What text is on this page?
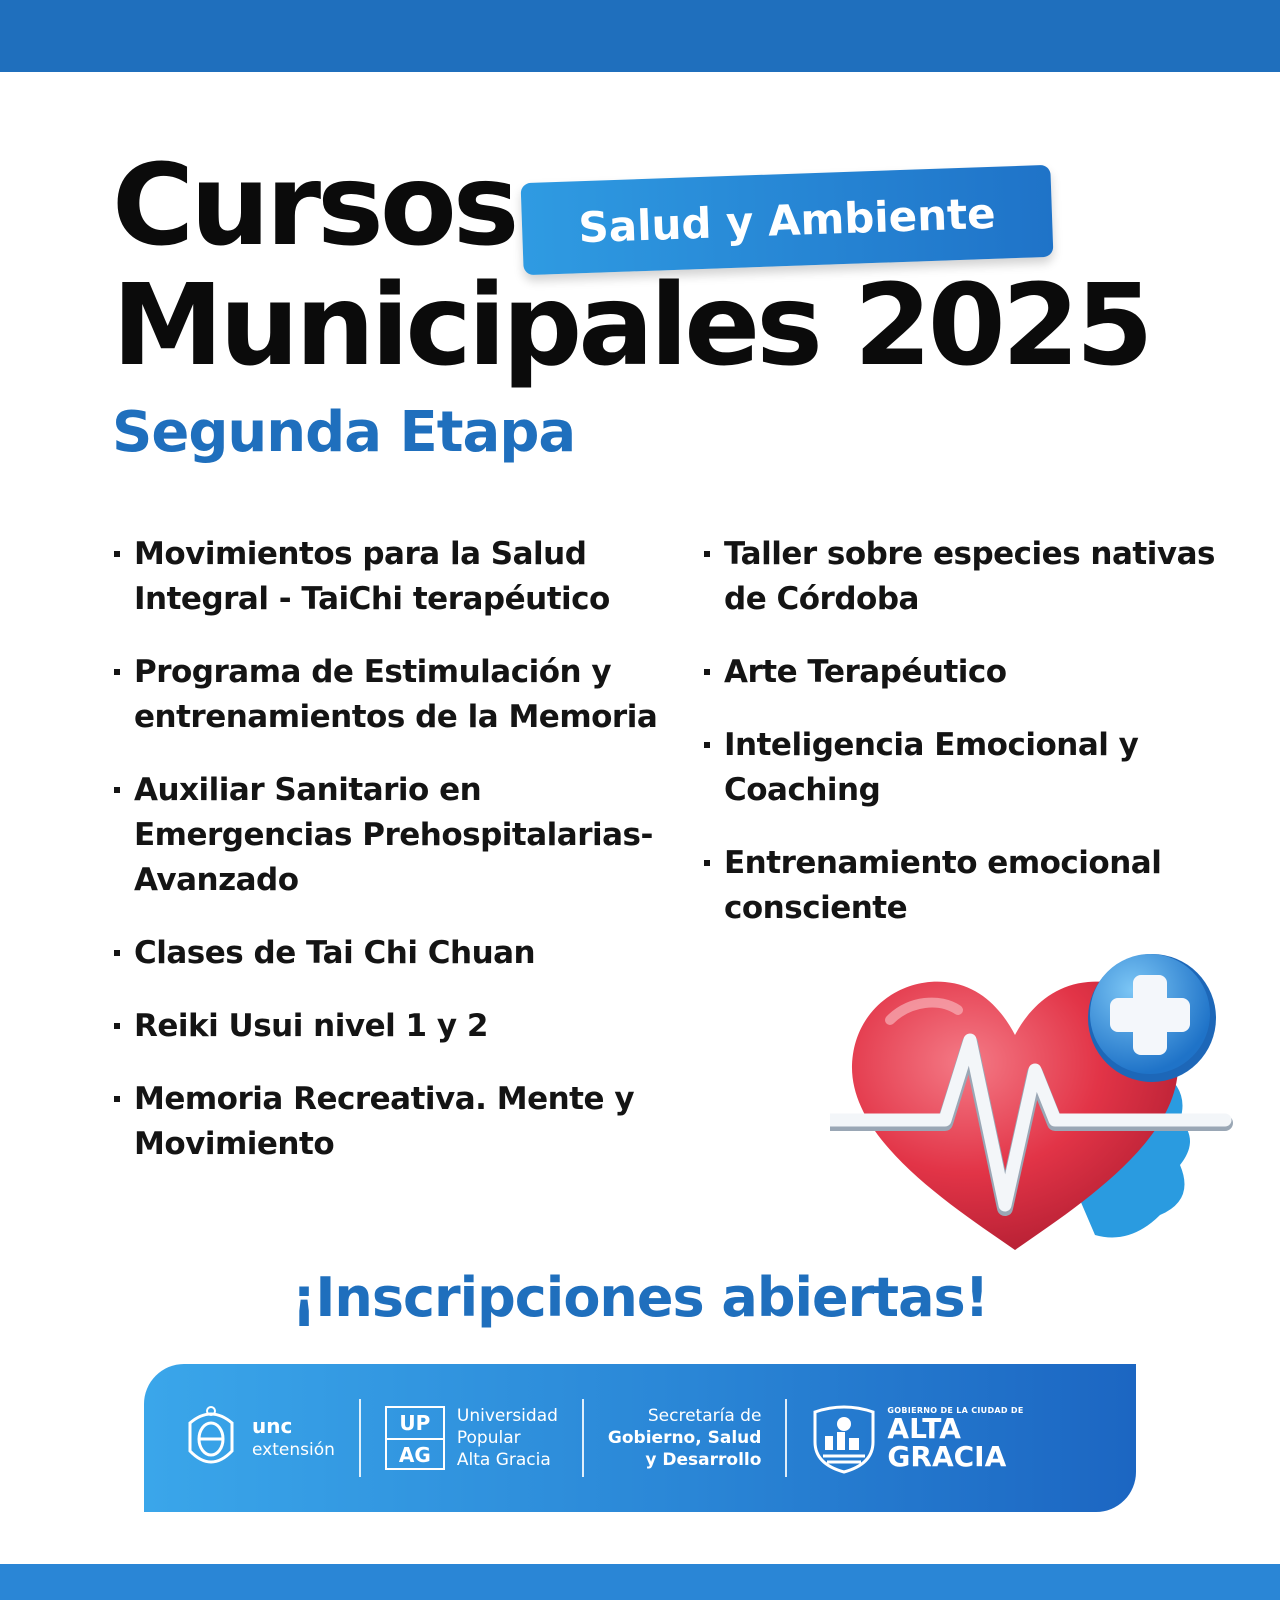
Cursos Salud y Ambiente
Municipales 2025
Segunda Etapa
Movimientos para la Salud Integral - TaiChi terapéutico
Programa de Estimulación y entrenamientos de la Memoria
Auxiliar Sanitario en Emergencias Prehospitalarias-Avanzado
Clases de Tai Chi Chuan
Reiki Usui nivel 1 y 2
Memoria Recreativa. Mente y Movimiento
Taller sobre especies nativas de Córdoba
Arte Terapéutico
Inteligencia Emocional y Coaching
Entrenamiento emocional consciente
¡Inscripciones abiertas!
unc
extensión
UP
AG
Universidad
Popular
Alta Gracia
Secretaría de
Gobierno, Salud
y Desarrollo
GOBIERNO DE LA CIUDAD DE
ALTA
GRACIA
